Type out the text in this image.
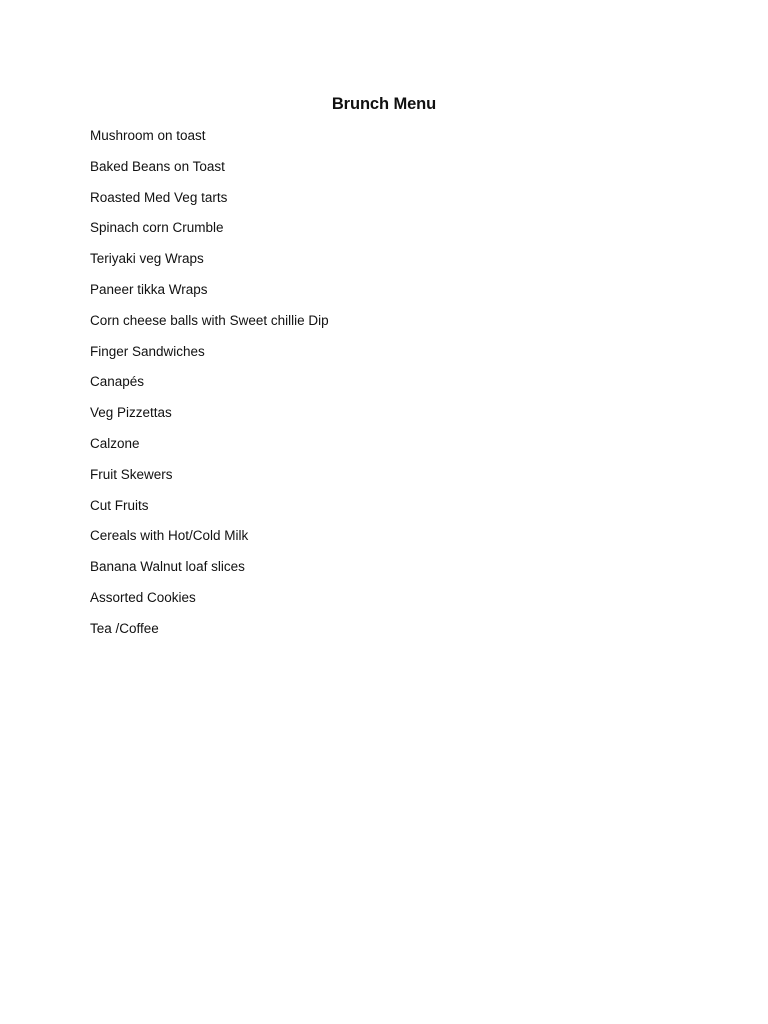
Brunch Menu
Mushroom on toast
Baked Beans on Toast
Roasted Med Veg tarts
Spinach corn Crumble
Teriyaki veg Wraps
Paneer tikka Wraps
Corn cheese balls with Sweet chillie Dip
Finger Sandwiches
Canapés
Veg Pizzettas
Calzone
Fruit Skewers
Cut Fruits
Cereals with Hot/Cold Milk
Banana Walnut loaf slices
Assorted Cookies
Tea /Coffee
